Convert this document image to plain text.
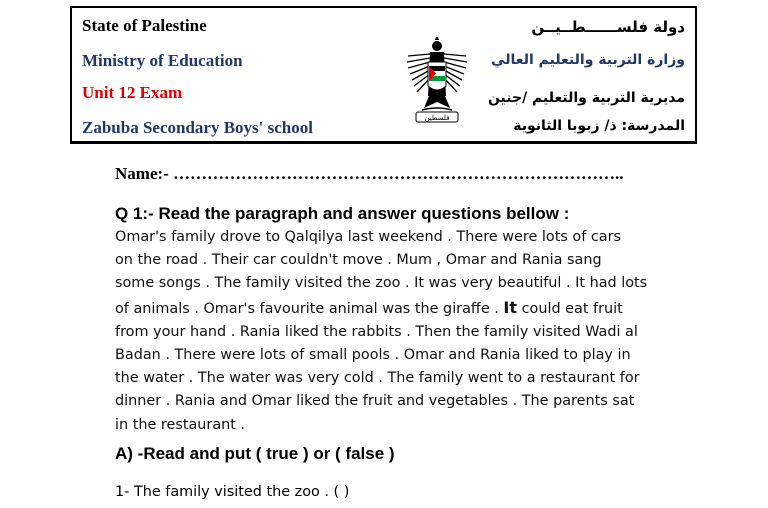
State of Palestine
Ministry of Education
Unit 12 Exam
Zabuba Secondary Boys' school
دولة فلســــــطــيــن
وزارة التربية والتعليم العالي
مديرية التربية والتعليم /جنين
المدرسة: ذ/ زبوبا الثانوية
فلسطين
Name:- ……………………………………………………………………..
Q 1:- Read the paragraph and answer questions bellow :
Omar's family drove to Qalqilya last weekend . There were lots of cars
on the road . Their car couldn't move . Mum , Omar and Rania sang
some songs . The family visited the zoo . It was very beautiful . It had lots
of animals . Omar's favourite animal was the giraffe . It could eat fruit
from your hand . Rania liked the rabbits . Then the family visited Wadi al
Badan . There were lots of small pools . Omar and Rania liked to play in
the water . The water was very cold . The family went to a restaurant for
dinner . Rania and Omar liked the fruit and vegetables . The parents sat
in the restaurant .
A) -Read and put ( true ) or ( false )
1- The family visited the zoo . ( )
